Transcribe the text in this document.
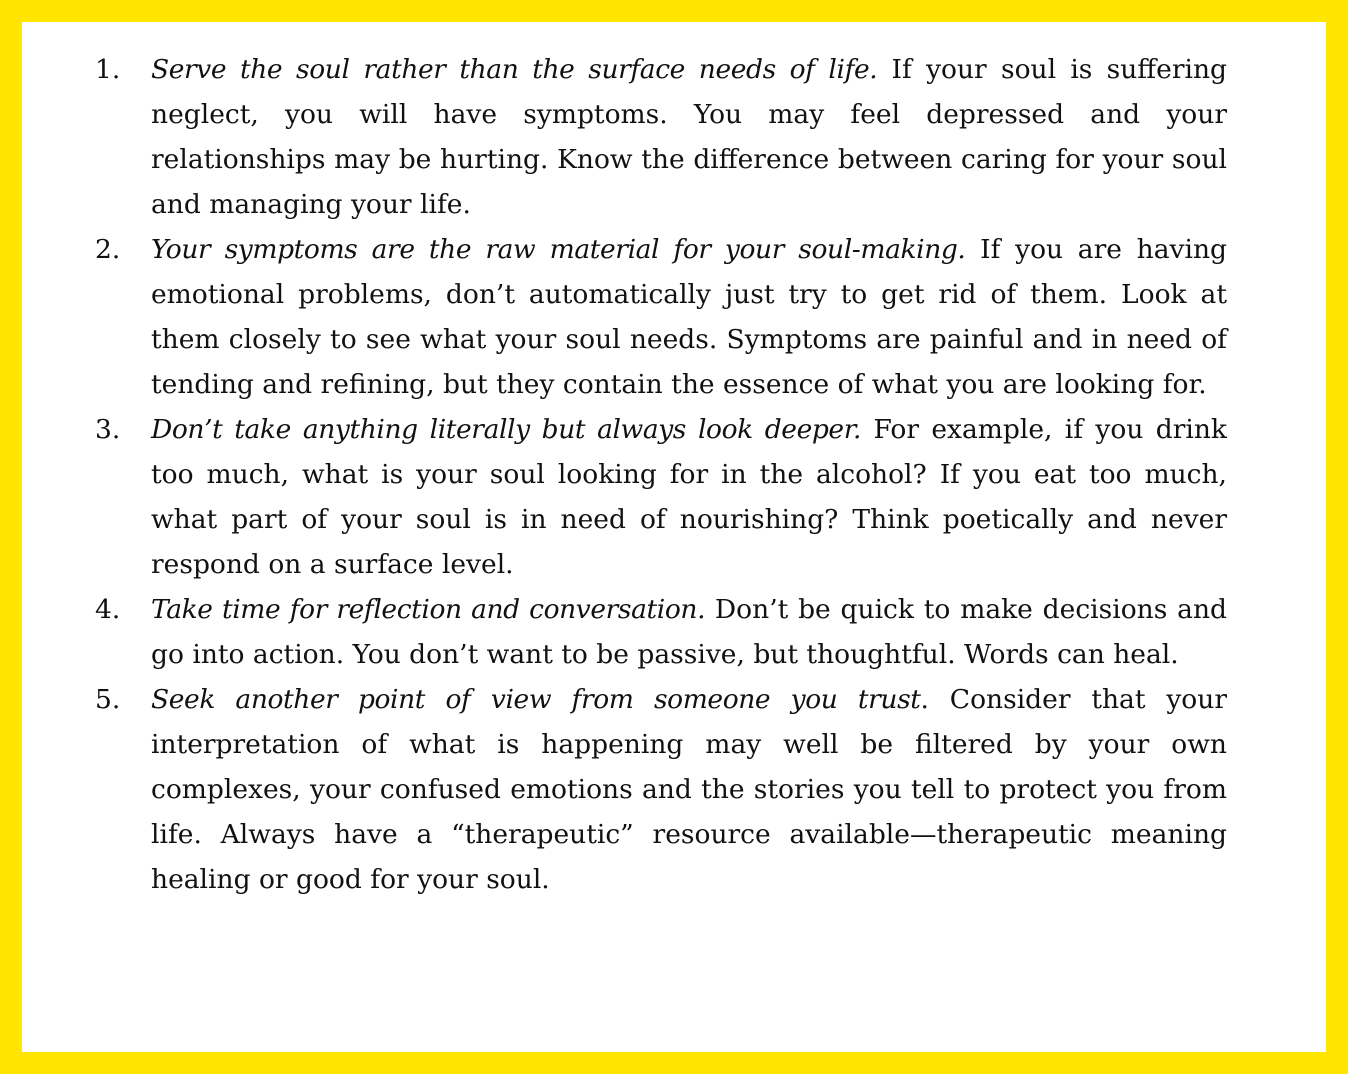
1.	Serve the soul rather than the surface needs of life. If your soul is suffering neglect, you will have symptoms. You may feel depressed and your relationships may be hurting. Know the difference between caring for your soul and managing your life.
2.	Your symptoms are the raw material for your soul-making. If you are having emotional problems, don’t automatically just try to get rid of them. Look at them closely to see what your soul needs. Symptoms are painful and in need of tending and refining, but they contain the essence of what you are looking for.
3.	Don’t take anything literally but always look deeper. For example, if you drink too much, what is your soul looking for in the alcohol? If you eat too much, what part of your soul is in need of nourishing? Think poetically and never respond on a surface level.
4.	Take time for reflection and conversation. Don’t be quick to make decisions and go into action. You don’t want to be passive, but thoughtful. Words can heal.
5.	Seek another point of view from someone you trust. Consider that your interpretation of what is happening may well be filtered by your own complexes, your confused emotions and the stories you tell to protect you from life. Always have a “therapeutic” resource available—therapeutic meaning healing or good for your soul.
